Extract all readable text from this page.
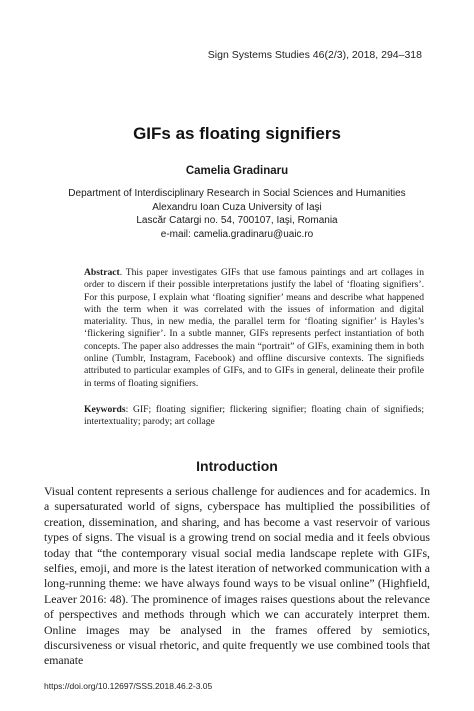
Sign Systems Studies 46(2/3), 2018, 294–318
GIFs as floating signifiers
Camelia Gradinaru
Department of Interdisciplinary Research in Social Sciences and Humanities
Alexandru Ioan Cuza University of Iaşi
Lascăr Catargi no. 54, 700107, Iaşi, Romania
e-mail: camelia.gradinaru@uaic.ro
Abstract. This paper investigates GIFs that use famous paintings and art collages in order to discern if their possible interpretations justify the label of ‘floating signifiers’. For this purpose, I explain what ‘floating signifier’ means and describe what happened with the term when it was correlated with the issues of information and digital materiality. Thus, in new media, the parallel term for ‘floating signifier’ is Hayles’s ‘flickering signifier’. In a subtle manner, GIFs represents perfect instantiation of both concepts. The paper also addresses the main “portrait” of GIFs, examining them in both online (Tumblr, Instagram, Facebook) and offline discursive contexts. The signifieds attributed to particular examples of GIFs, and to GIFs in general, delineate their profile in terms of floating signifiers.
Keywords: GIF; floating signifier; flickering signifier; floating chain of signifieds; intertextuality; parody; art collage
Introduction
Visual content represents a serious challenge for audiences and for academics. In a supersaturated world of signs, cyberspace has multiplied the possibilities of creation, dissemination, and sharing, and has become a vast reservoir of various types of signs. The visual is a growing trend on social media and it feels obvious today that “the contemporary visual social media landscape replete with GIFs, selfies, emoji, and more is the latest iteration of networked communication with a long-running theme: we have always found ways to be visual online” (Highfield, Leaver 2016: 48). The prominence of images raises questions about the relevance of perspectives and methods through which we can accurately interpret them. Online images may be analysed in the frames offered by semiotics, discursiveness or visual rhetoric, and quite frequently we use combined tools that emanate
https://doi.org/10.12697/SSS.2018.46.2-3.05
